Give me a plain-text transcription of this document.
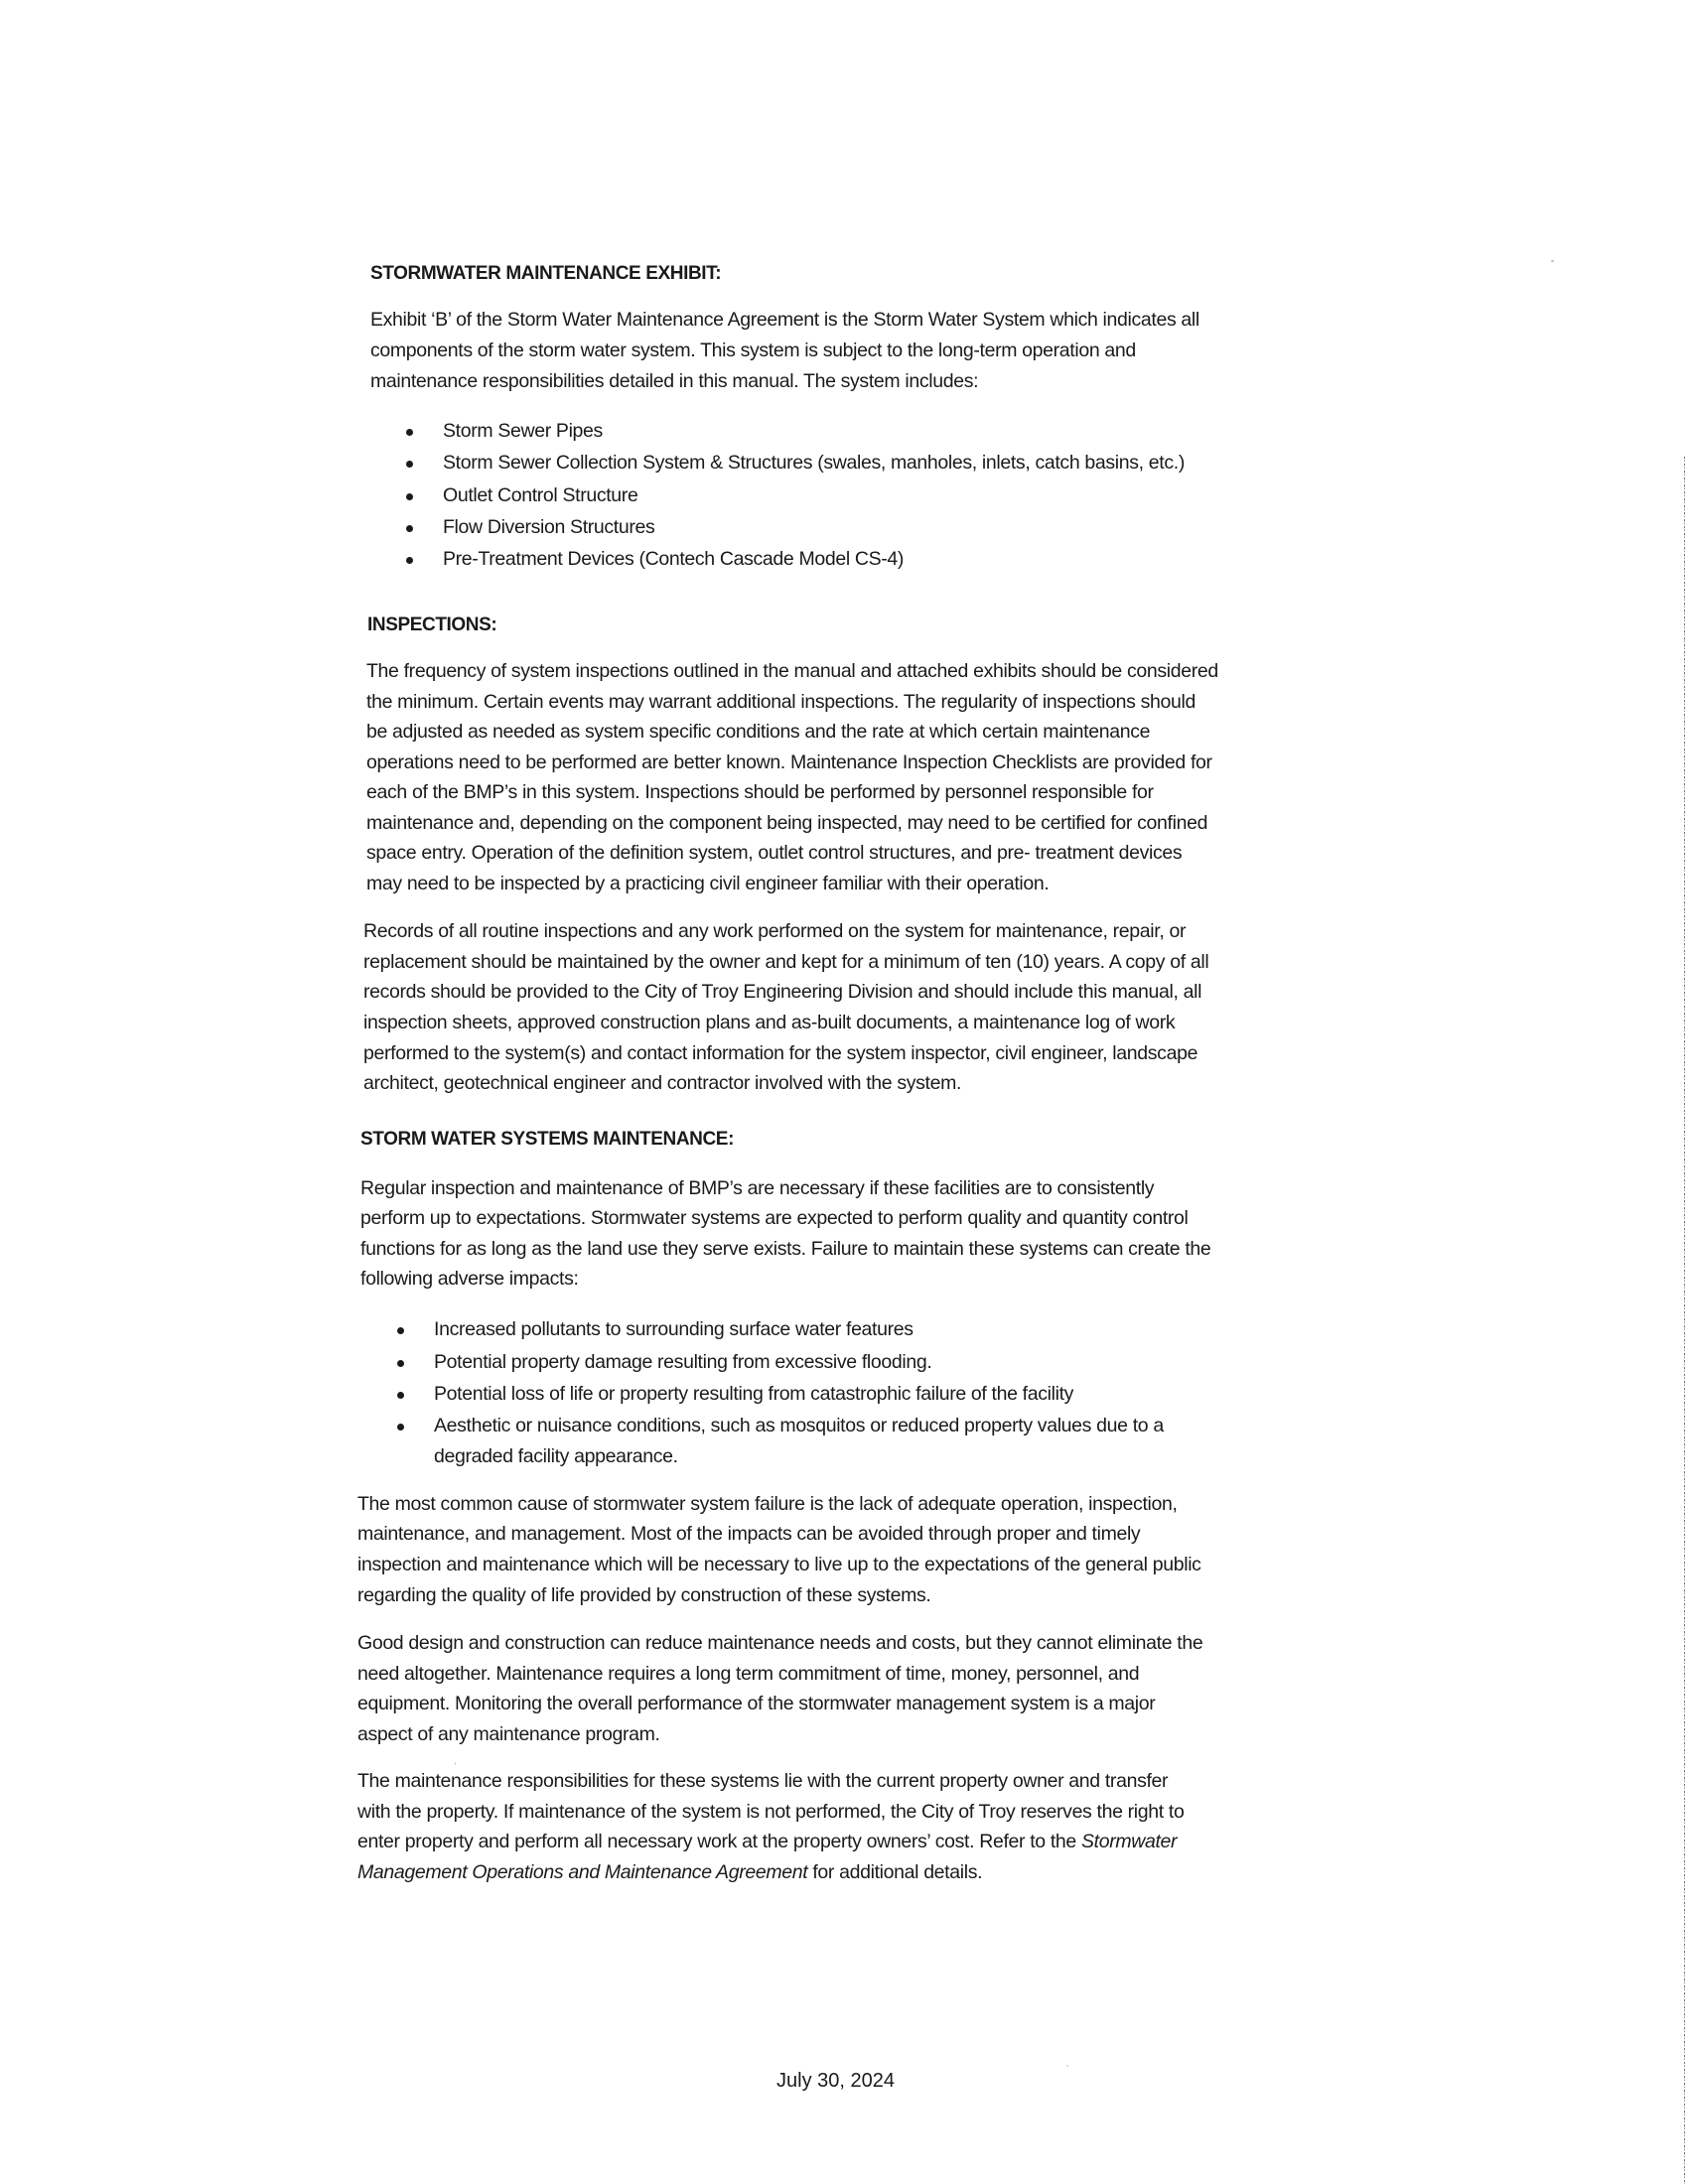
STORMWATER MAINTENANCE EXHIBIT:
Exhibit ‘B’ of the Storm Water Maintenance Agreement is the Storm Water System which indicates all
components of the storm water system. This system is subject to the long-term operation and
maintenance responsibilities detailed in this manual. The system includes:
Storm Sewer Pipes
Storm Sewer Collection System & Structures (swales, manholes, inlets, catch basins, etc.)
Outlet Control Structure
Flow Diversion Structures
Pre-Treatment Devices (Contech Cascade Model CS-4)
INSPECTIONS:
The frequency of system inspections outlined in the manual and attached exhibits should be considered
the minimum. Certain events may warrant additional inspections. The regularity of inspections should
be adjusted as needed as system specific conditions and the rate at which certain maintenance
operations need to be performed are better known. Maintenance Inspection Checklists are provided for
each of the BMP’s in this system. Inspections should be performed by personnel responsible for
maintenance and, depending on the component being inspected, may need to be certified for confined
space entry. Operation of the definition system, outlet control structures, and pre- treatment devices
may need to be inspected by a practicing civil engineer familiar with their operation.
Records of all routine inspections and any work performed on the system for maintenance, repair, or
replacement should be maintained by the owner and kept for a minimum of ten (10) years. A copy of all
records should be provided to the City of Troy Engineering Division and should include this manual, all
inspection sheets, approved construction plans and as-built documents, a maintenance log of work
performed to the system(s) and contact information for the system inspector, civil engineer, landscape
architect, geotechnical engineer and contractor involved with the system.
STORM WATER SYSTEMS MAINTENANCE:
Regular inspection and maintenance of BMP’s are necessary if these facilities are to consistently
perform up to expectations. Stormwater systems are expected to perform quality and quantity control
functions for as long as the land use they serve exists. Failure to maintain these systems can create the
following adverse impacts:
Increased pollutants to surrounding surface water features
Potential property damage resulting from excessive flooding.
Potential loss of life or property resulting from catastrophic failure of the facility
Aesthetic or nuisance conditions, such as mosquitos or reduced property values due to a
degraded facility appearance.
The most common cause of stormwater system failure is the lack of adequate operation, inspection,
maintenance, and management. Most of the impacts can be avoided through proper and timely
inspection and maintenance which will be necessary to live up to the expectations of the general public
regarding the quality of life provided by construction of these systems.
Good design and construction can reduce maintenance needs and costs, but they cannot eliminate the
need altogether. Maintenance requires a long term commitment of time, money, personnel, and
equipment. Monitoring the overall performance of the stormwater management system is a major
aspect of any maintenance program.
The maintenance responsibilities for these systems lie with the current property owner and transfer
with the property. If maintenance of the system is not performed, the City of Troy reserves the right to
enter property and perform all necessary work at the property owners’ cost. Refer to the Stormwater
Management Operations and Maintenance Agreement for additional details.
July 30, 2024
